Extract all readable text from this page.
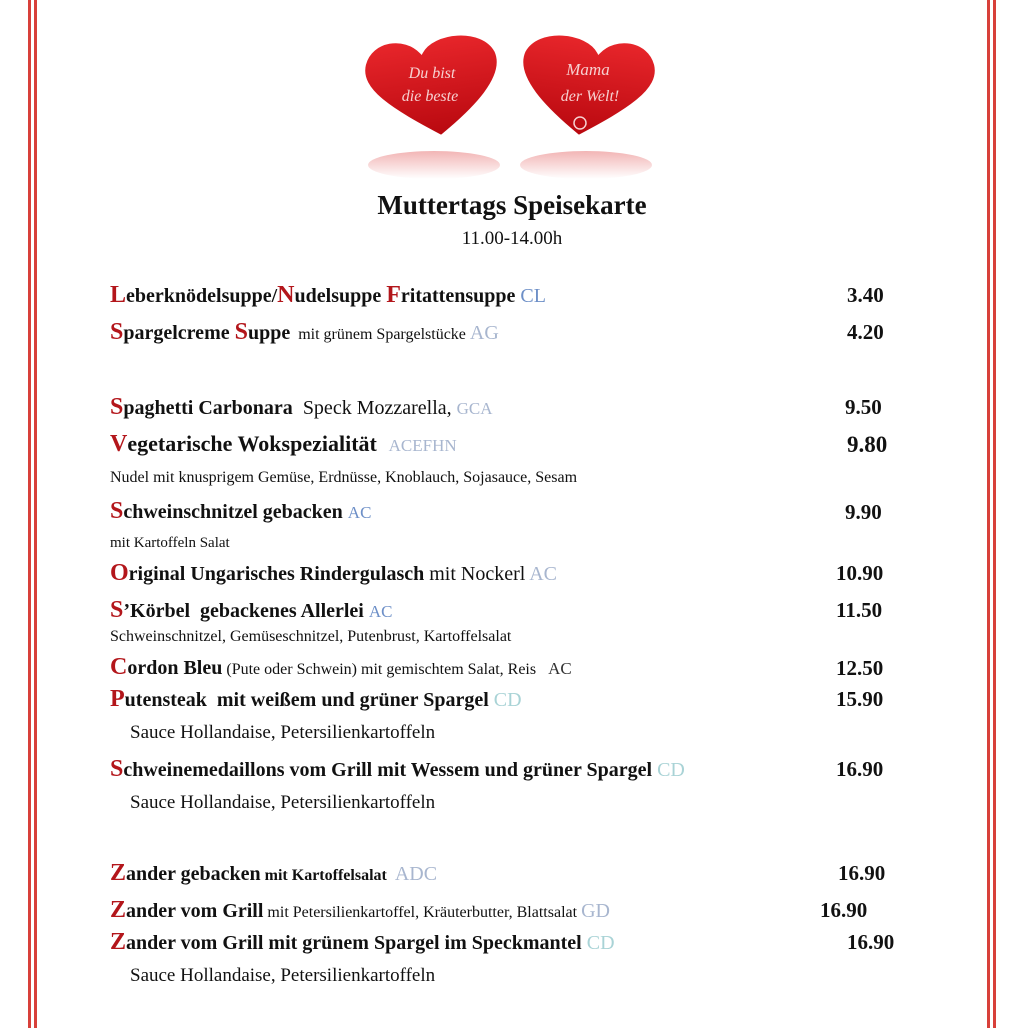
Du bist
die beste
Mama
der Welt!
Muttertags Speisekarte
11.00-14.00h
Leberknödelsuppe/Nudelsuppe Fritattensuppe CL	3.40
Spargelcreme Suppe  mit grünem Spargelstücke AG	4.20
Spaghetti Carbonara  Speck Mozzarella, GCA	9.50
Vegetarische Wokspezialität ACEFHN	9.80
Nudel mit knusprigem Gemüse, Erdnüsse, Knoblauch, Sojasauce, Sesam
Schweinschnitzel gebacken AC	9.90
mit Kartoffeln Salat
Original Ungarisches Rindergulasch mit Nockerl AC	10.90
S’Körbel  gebackenes Allerlei AC	11.50
Schweinschnitzel, Gemüseschnitzel, Putenbrust, Kartoffelsalat
Cordon Bleu (Pute oder Schwein) mit gemischtem Salat, Reis   AC	12.50
Putensteak  mit weißem und grüner Spargel CD	15.90
Sauce Hollandaise, Petersilienkartoffeln
Schweinemedaillons vom Grill mit Wessem und grüner Spargel CD	16.90
Sauce Hollandaise, Petersilienkartoffeln
Zander gebacken mit Kartoffelsalat  ADC	16.90
Zander vom Grill mit Petersilienkartoffel, Kräuterbutter, Blattsalat GD	16.90
Zander vom Grill mit grünem Spargel im Speckmantel CD	16.90
Sauce Hollandaise, Petersilienkartoffeln
